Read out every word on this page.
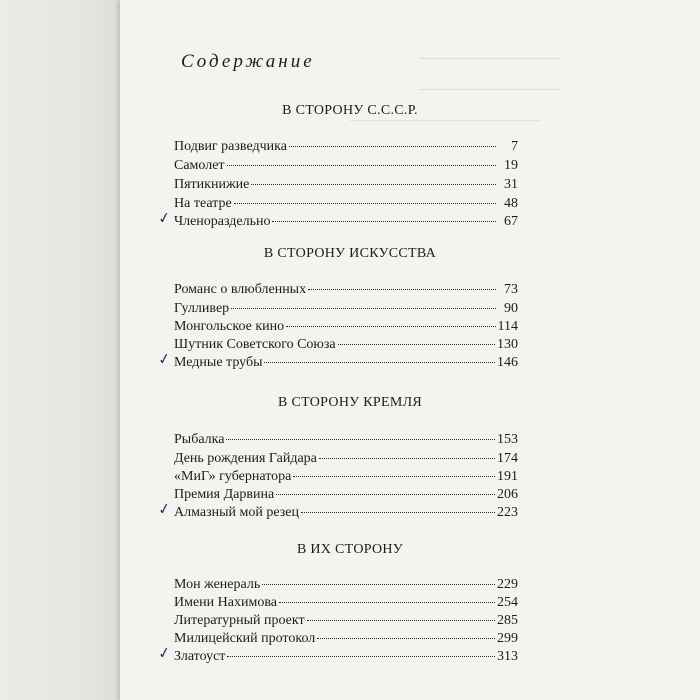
Содержание
В СТОРОНУ С.С.С.Р.
Подвиг разведчика	7
Самолет	19
Пятикнижие	31
На театре	48
Членораздельно	67
✓
В СТОРОНУ ИСКУССТВА
Романс о влюбленных	73
Гулливер	90
Монгольское кино	114
Шутник Советского Союза	130
Медные трубы	146
✓
В СТОРОНУ КРЕМЛЯ
Рыбалка	153
День рождения Гайдара	174
«МиГ» губернатора	191
Премия Дарвина	206
Алмазный мой резец	223
✓
В ИХ СТОРОНУ
Мон женераль	229
Имени Нахимова	254
Литературный проект	285
Милицейский протокол	299
Златоуст	313
✓
